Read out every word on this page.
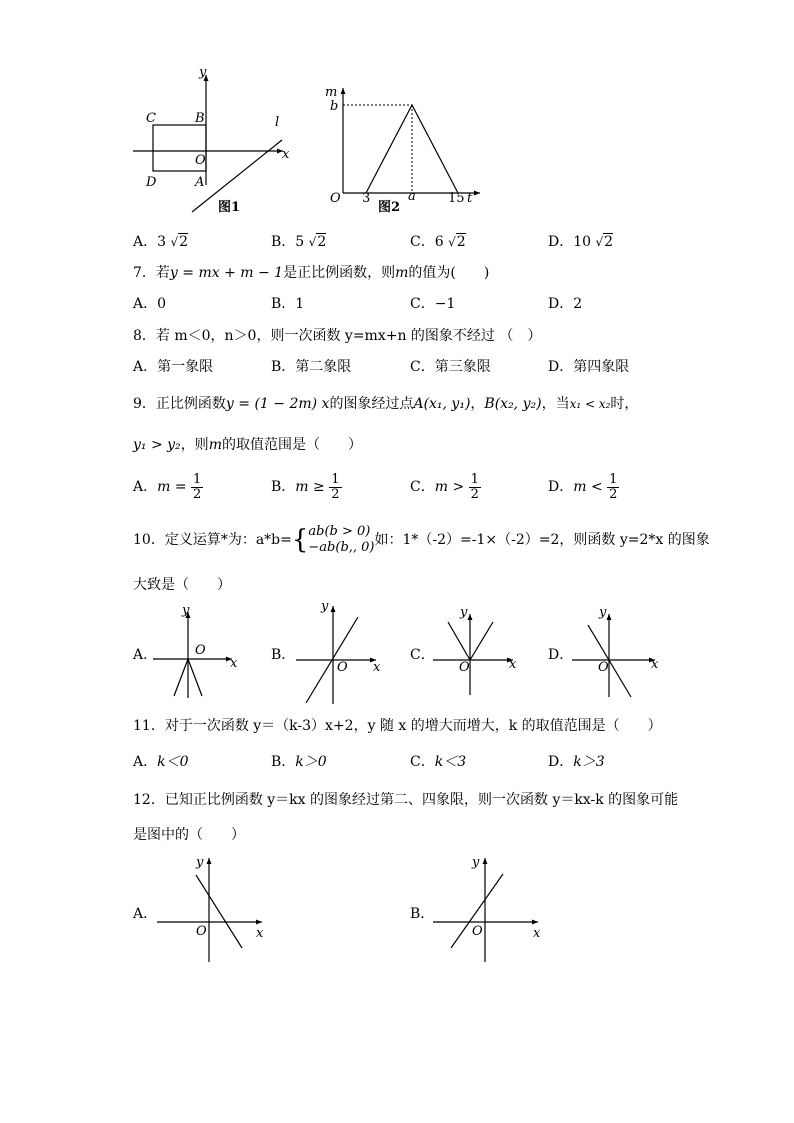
y
x
l
C	B
D	A
O
图1
m
b
O 3	a 15 t
图2
A．3 √2	B．5 √2	C．6 √2	D．10 √2
7．若y = mx + m − 1是正比例函数，则m的值为(　　)
A．0	B．1	C．−1	D．2
8．若 m＜0，n＞0，则一次函数 y=mx+n 的图象不经过 （　）
A．第一象限	B．第二象限	C．第三象限	D．第四象限
9．正比例函数y = (1 − 2m) x的图象经过点A(x₁, y₁)，B(x₂, y₂)，当x₁ < x₂时，
y₁ > y₂，则m的取值范围是（　　）
A．$m = \frac{1}{2}$	B．$m \ge \frac{1}{2}$	C．$m > \frac{1}{2}$	D．$m < \frac{1}{2}$
10．定义运算*为：a*b={ ab(b > 0)
−ab(b,, 0) 如：1*（-2）=-1×（-2）=2，则函数 y=2*x 的图象
大致是（　　）
A．	B．	C．	D．
y
x
O
y
x
O
y
x
O
y
x
O
11．对于一次函数 y＝（k-3）x+2，y 随 x 的增大而增大，k 的取值范围是（　　）
A．k＜0	B．k＞0	C．k＜3	D．k＞3
12．已知正比例函数 y＝kx 的图象经过第二、四象限，则一次函数 y＝kx-k 的图象可能
是图中的（　　）
A．	B．
y
x
O
y
x
O
